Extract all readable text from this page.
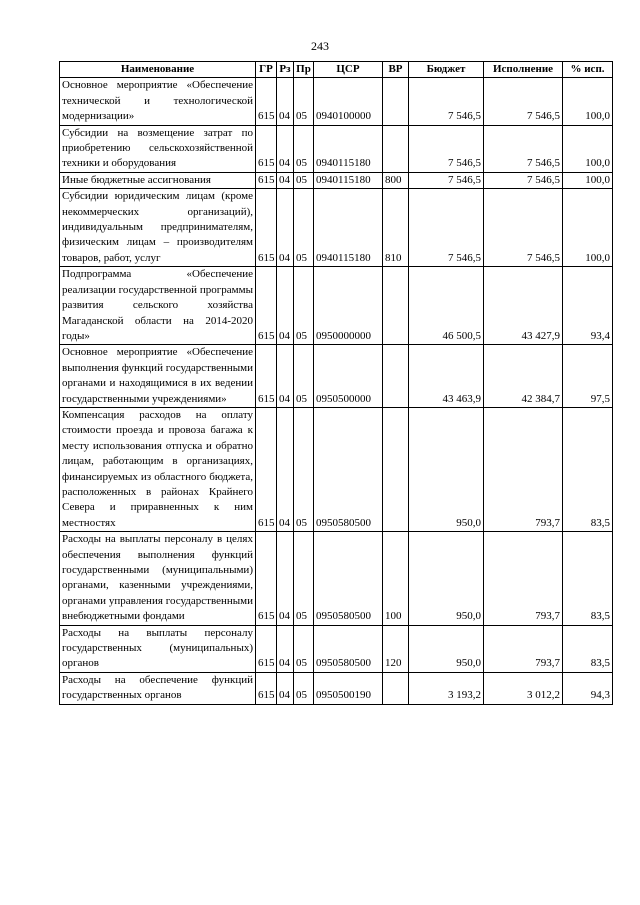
243
Наименование	ГР	Рз	Пр	ЦСР	ВР	Бюджет	Исполнение	% исп.
Основное мероприятие «Обеспечение технической и технологической модернизации»	615	04	05	0940100000		7 546,5	7 546,5	100,0
Субсидии на возмещение затрат по приобретению сельскохозяйственной техники и оборудования	615	04	05	0940115180		7 546,5	7 546,5	100,0
Иные бюджетные ассигнования	615	04	05	0940115180	800	7 546,5	7 546,5	100,0
Субсидии юридическим лицам (кроме некоммерческих организаций), индивидуальным предпринимателям, физическим лицам – производителям товаров, работ, услуг	615	04	05	0940115180	810	7 546,5	7 546,5	100,0
Подпрограмма «Обеспечение реализации государственной программы развития сельского хозяйства Магаданской области на 2014-2020 годы»	615	04	05	0950000000		46 500,5	43 427,9	93,4
Основное мероприятие «Обеспечение выполнения функций государственными органами и находящимися в их ведении государственными учреждениями»	615	04	05	0950500000		43 463,9	42 384,7	97,5
Компенсация расходов на оплату стоимости проезда и провоза багажа к месту использования отпуска и обратно лицам, работающим в организациях, финансируемых из областного бюджета, расположенных в районах Крайнего Севера и приравненных к ним местностях	615	04	05	0950580500		950,0	793,7	83,5
Расходы на выплаты персоналу в целях обеспечения выполнения функций государственными (муниципальными) органами, казенными учреждениями, органами управления государственными внебюджетными фондами	615	04	05	0950580500	100	950,0	793,7	83,5
Расходы на выплаты персоналу государственных (муниципальных) органов	615	04	05	0950580500	120	950,0	793,7	83,5
Расходы на обеспечение функций государственных органов	615	04	05	0950500190		3 193,2	3 012,2	94,3
